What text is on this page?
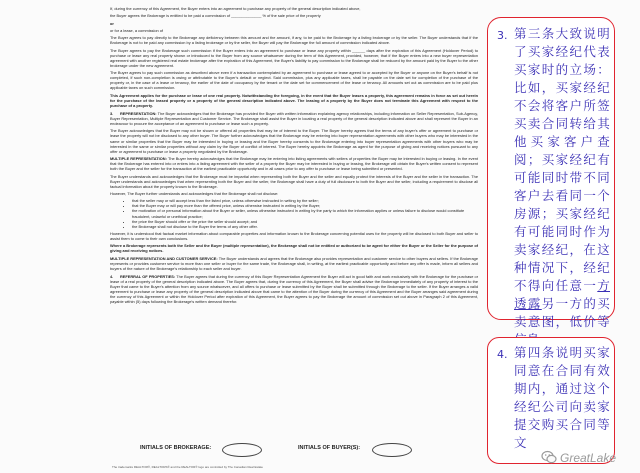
If, during the currency of this Agreement, the Buyer enters into an agreement to purchase any property of the general description indicated above,

the Buyer agrees the Brokerage is entitled to be paid a commission of ______________ % of the sale price of the property

or

or for a lease, a commission of

The Buyer agrees to pay directly to the Brokerage any deficiency between this amount and the amount, if any, to be paid to the Brokerage by a listing brokerage or by the seller. The Buyer understands that if the Brokerage is not to be paid any commission by a listing brokerage or by the seller, the Buyer will pay the Brokerage the full amount of commission indicated above.

The Buyer agrees to pay the Brokerage such commission if the Buyer enters into an agreement to purchase or lease any property within ______ days after the expiration of this Agreement (Holdover Period) to purchase or lease any real property shown or introduced to the Buyer from any source whatsoever during the term of this Agreement, provided, however, that if the Buyer enters into a new buyer representation agreement with another registered real estate brokerage after the expiration of this Agreement, the Buyer's liability to pay commission to the Brokerage shall be reduced by the amount paid by the Buyer to the other brokerage under the new agreement.

The Buyer agrees to pay such commission as described above even if a transaction contemplated by an agreement to purchase or lease agreed to or accepted by the Buyer or anyone on the Buyer's behalf is not completed, if such non-completion is owing or attributable to the Buyer's default or neglect. Said commission, plus any applicable taxes, shall be payable on the date set for completion of the purchase of the property or, in the case of a lease or tenancy, the earlier of the date of occupancy by the tenant or the date set for commencement of the lease or tenancy. All amounts set out as commission are to be paid plus applicable taxes on such commission.

This Agreement applies for the purchase or lease of one real property. Notwithstanding the foregoing, in the event that the Buyer leases a property, this agreement remains in force as set out herein for the purchase of the leased property or a property of the general description indicated above. The leasing of a property by the Buyer does not terminate this Agreement with respect to the purchase of a property.

3. REPRESENTATION: The Buyer acknowledges that the Brokerage has provided the Buyer with written information explaining agency relationships, including information on Seller Representation, Sub-Agency, Buyer Representation, Multiple Representation and Customer Service. The Brokerage shall assist the Buyer in locating a real property of the general description indicated above and shall represent the Buyer in an endeavour to procure the acceptance of an agreement to purchase or lease such a property.

The Buyer acknowledges that the Buyer may not be shown or offered all properties that may be of interest to the Buyer. The Buyer hereby agrees that the terms of any buyer's offer or agreement to purchase or lease the property will not be disclosed to any other buyer. The Buyer further acknowledges that the Brokerage may be entering into buyer representation agreements with other buyers who may be interested in the same or similar properties that the Buyer may be interested in buying or leasing and the Buyer hereby consents to the Brokerage entering into buyer representation agreements with other buyers who may be interested in the same or similar properties without any claim by the Buyer of conflict of interest. The Buyer hereby appoints the Brokerage as agent for the purpose of giving and receiving notices pursuant to any offer or agreement to purchase or lease a property negotiated by the Brokerage.

MULTIPLE REPRESENTATION: The Buyer hereby acknowledges that the Brokerage may be entering into listing agreements with sellers of properties the Buyer may be interested in buying or leasing. In the event that the Brokerage has entered into or enters into a listing agreement with the seller of a property the Buyer may be interested in buying or leasing, the Brokerage will obtain the Buyer's written consent to represent both the Buyer and the seller for the transaction at the earliest practicable opportunity and in all cases prior to any offer to purchase or lease being submitted or presented.

The Buyer understands and acknowledges that the Brokerage must be impartial when representing both the Buyer and the seller and equally protect the interests of the Buyer and the seller in the transaction. The Buyer understands and acknowledges that when representing both the Buyer and the seller, the Brokerage shall have a duty of full disclosure to both the Buyer and the seller, including a requirement to disclose all factual information about the property known to the Brokerage.

However, The Buyer further understands and acknowledges that the Brokerage shall not disclose:

• that the seller may or will accept less than the listed price, unless otherwise instructed in writing by the seller;
• that the Buyer may or will pay more than the offered price, unless otherwise instructed in writing by the Buyer;
• the motivation of or personal information about the Buyer or seller, unless otherwise instructed in writing by the party to which the information applies or unless failure to disclose would constitute fraudulent, unlawful or unethical practice;
• the price the Buyer should offer or the price the seller should accept; and
• the Brokerage shall not disclose to the Buyer the terms of any other offer.

However, it is understood that factual market information about comparable properties and information known to the Brokerage concerning potential uses for the property will be disclosed to both Buyer and seller to assist them to come to their own conclusions.

Where a Brokerage represents both the Seller and the Buyer (multiple representation), the Brokerage shall not be entitled or authorized to be agent for either the Buyer or the Seller for the purpose of giving and receiving notices.

MULTIPLE REPRESENTATION AND CUSTOMER SERVICE: The Buyer understands and agrees that the Brokerage also provides representation and customer service to other buyers and sellers. If the Brokerage represents or provides customer service to more than one seller or buyer for the same trade, the Brokerage shall, in writing, at the earliest practicable opportunity and before any offer is made, inform all sellers and buyers of the nature of the Brokerage's relationship to each seller and buyer.

4. REFERRAL OF PROPERTIES: The Buyer agrees that during the currency of this Buyer Representation Agreement the Buyer will act in good faith and work exclusively with the Brokerage for the purchase or lease of a real property of the general description indicated above. The Buyer agrees that, during the currency of this Agreement, the Buyer shall advise the Brokerage immediately of any property of interest to the Buyer that came to the Buyer's attention from any source whatsoever, and all offers to purchase or lease submitted by the Buyer shall be submitted through the Brokerage to the seller. If the Buyer arranges a valid agreement to purchase or lease any property of the general description indicated above that came to the attention of the Buyer during the currency of this Agreement and the Buyer arranges said agreement during the currency of this Agreement or within the Holdover Period after expiration of this Agreement, the Buyer agrees to pay the Brokerage the amount of commission set out above in Paragraph 2 of this Agreement, payable within (5) days following the Brokerage's written demand therefor.

INITIALS OF BROKERAGE:	INITIALS OF BUYER(S):
The trademarks REALTOR®, REALTORS® and the REALTOR® logo are controlled by The Canadian Real Estate
3. 第三条大致说明了买家经纪代表买家时的立场：比如，买家经纪不会将客户所签买卖合同转给其他买家客户查阅；买家经纪有可能同时带不同客户去看同一个房源；买家经纪有可能同时作为卖家经纪，在这种情况下，经纪不得向任意一方透露另一方的买卖意图，低价等
4. 第四条说明买家同意在合同有效期内，通过这个经纪公司向卖家提交购买合同等文
GreatLake
